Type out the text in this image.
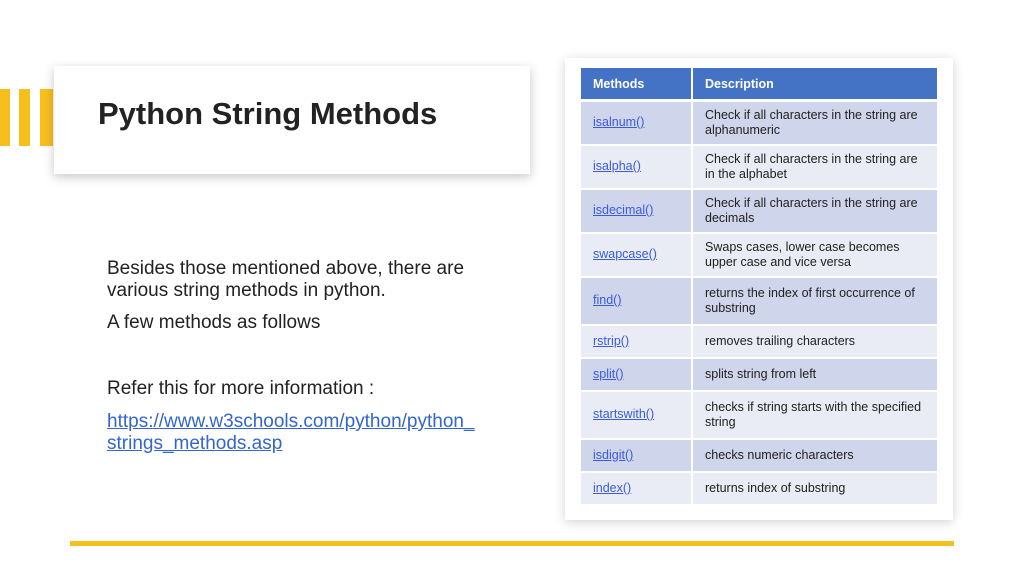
Python String Methods
Besides those mentioned above, there are
various string methods in python.
A few methods as follows
Refer this for more information :
https://www.w3schools.com/python/python_
strings_methods.asp
Methods	Description
isalnum()	Check if all characters in the string are
alphanumeric

isalpha()	Check if all characters in the string are
in the alphabet

isdecimal()	Check if all characters in the string are
decimals

swapcase()	Swaps cases, lower case becomes
upper case and vice versa

find()	returns the index of first occurrence of
substring

rstrip()	removes trailing characters

split()	splits string from left

startswith()	checks if string starts with the specified
string

isdigit()	checks numeric characters

index()	returns index of substring
